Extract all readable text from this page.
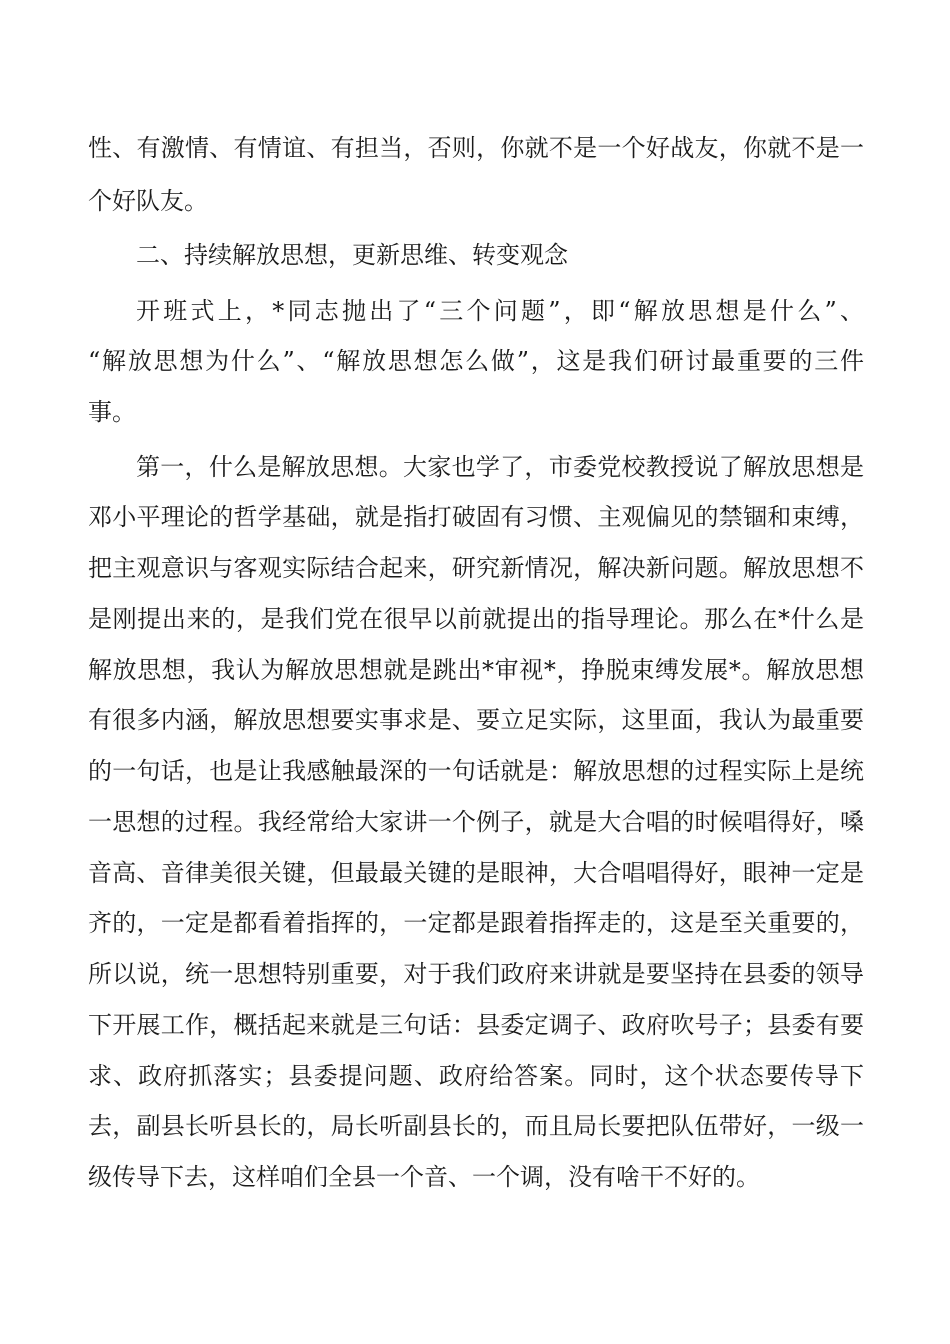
性、有激情、有情谊、有担当，否则，你就不是一个好战友，你就不是一
个好队友。
二、持续解放思想，更新思维、转变观念
开班式上，*同志抛出了“三个问题”，即“解放思想是什么”、
“解放思想为什么”、“解放思想怎么做”，这是我们研讨最重要的三件
事。
第一，什么是解放思想。大家也学了，市委党校教授说了解放思想是
邓小平理论的哲学基础，就是指打破固有习惯、主观偏见的禁锢和束缚，
把主观意识与客观实际结合起来，研究新情况，解决新问题。解放思想不
是刚提出来的，是我们党在很早以前就提出的指导理论。那么在*什么是
解放思想，我认为解放思想就是跳出*审视*，挣脱束缚发展*。解放思想
有很多内涵，解放思想要实事求是、要立足实际，这里面，我认为最重要
的一句话，也是让我感触最深的一句话就是：解放思想的过程实际上是统
一思想的过程。我经常给大家讲一个例子，就是大合唱的时候唱得好，嗓
音高、音律美很关键，但最最关键的是眼神，大合唱唱得好，眼神一定是
齐的，一定是都看着指挥的，一定都是跟着指挥走的，这是至关重要的，
所以说，统一思想特别重要，对于我们政府来讲就是要坚持在县委的领导
下开展工作，概括起来就是三句话：县委定调子、政府吹号子；县委有要
求、政府抓落实；县委提问题、政府给答案。同时，这个状态要传导下
去，副县长听县长的，局长听副县长的，而且局长要把队伍带好，一级一
级传导下去，这样咱们全县一个音、一个调，没有啥干不好的。
